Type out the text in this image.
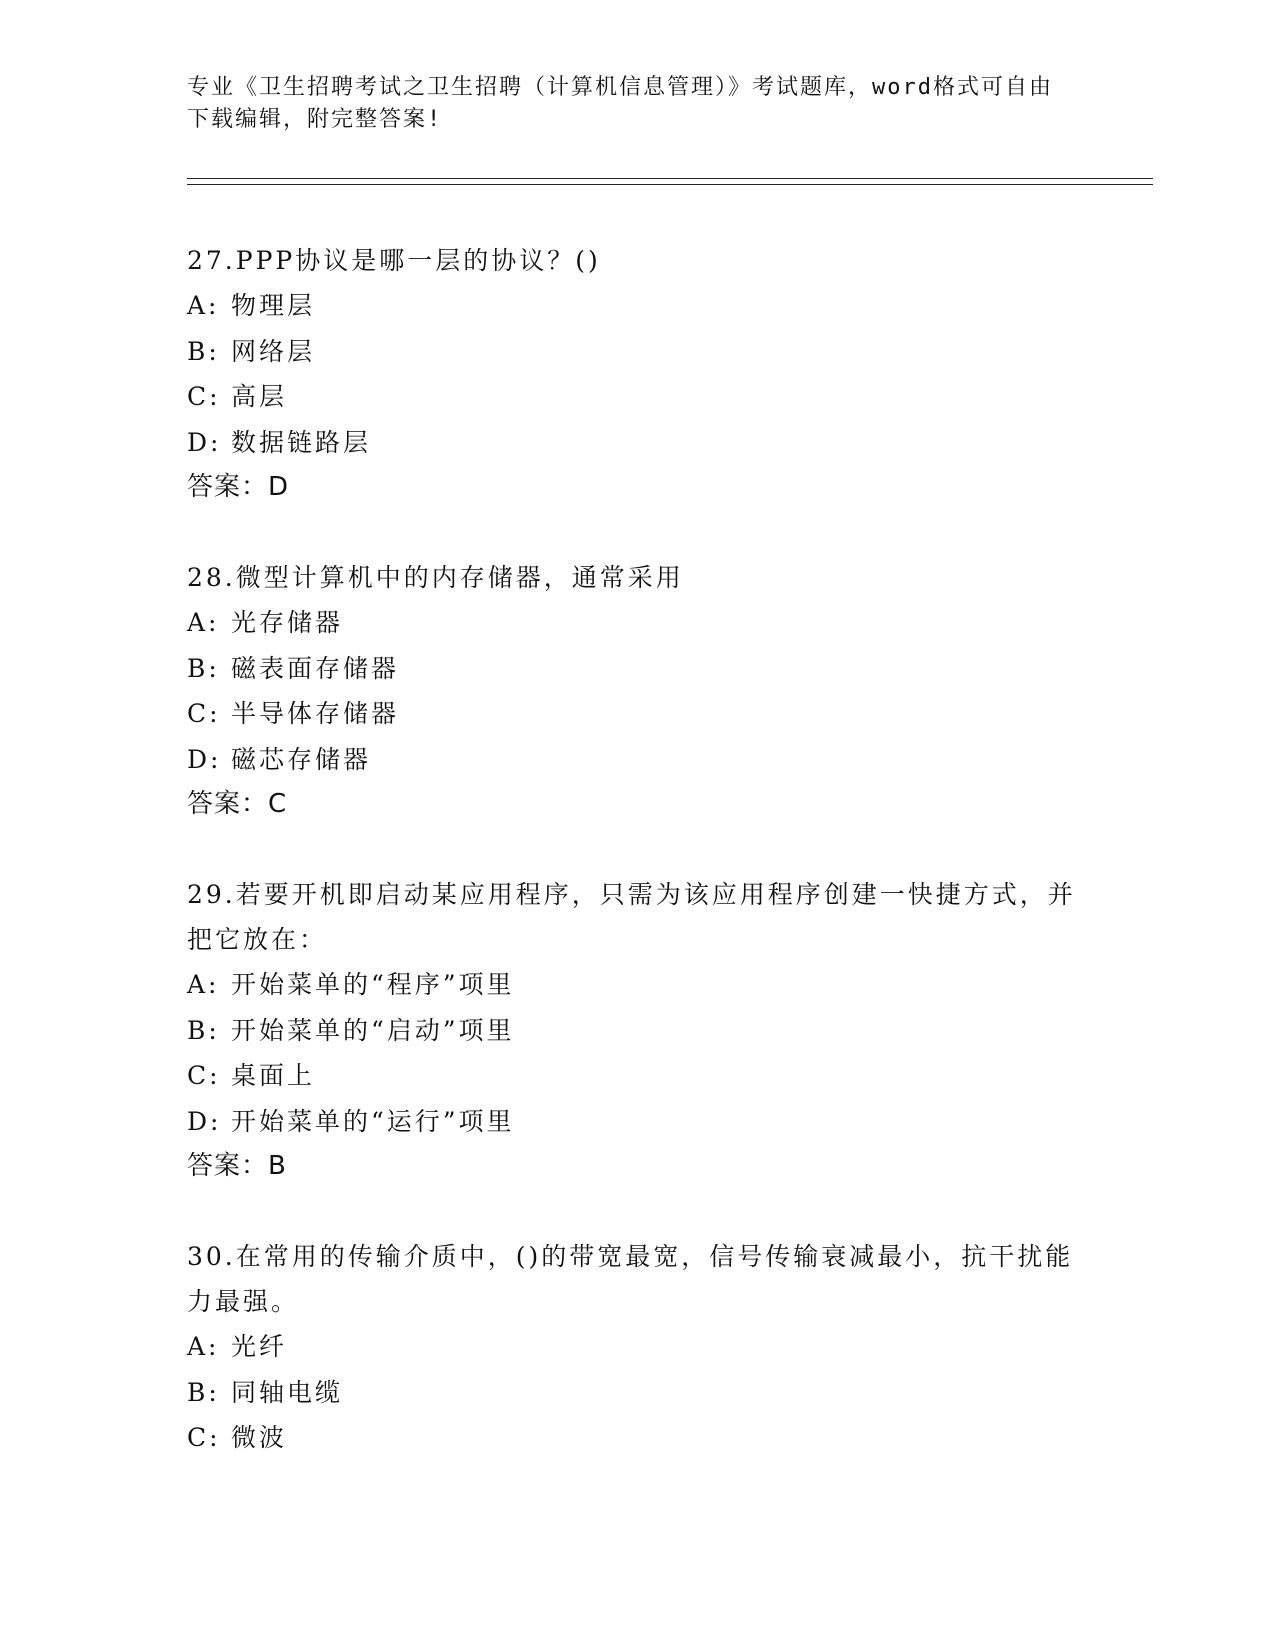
专业《卫生招聘考试之卫生招聘（计算机信息管理）》考试题库，word格式可自由下载编辑，附完整答案!
27.PPP协议是哪一层的协议？()
A: 物理层
B: 网络层
C: 高层
D: 数据链路层
答案：D
28.微型计算机中的内存储器，通常采用
A: 光存储器
B: 磁表面存储器
C: 半导体存储器
D: 磁芯存储器
答案：C
29.若要开机即启动某应用程序，只需为该应用程序创建一快捷方式，并把它放在：
A: 开始菜单的“程序”项里
B: 开始菜单的“启动”项里
C: 桌面上
D: 开始菜单的“运行”项里
答案：B
30.在常用的传输介质中，()的带宽最宽，信号传输衰减最小，抗干扰能力最强。
A: 光纤
B: 同轴电缆
C: 微波
